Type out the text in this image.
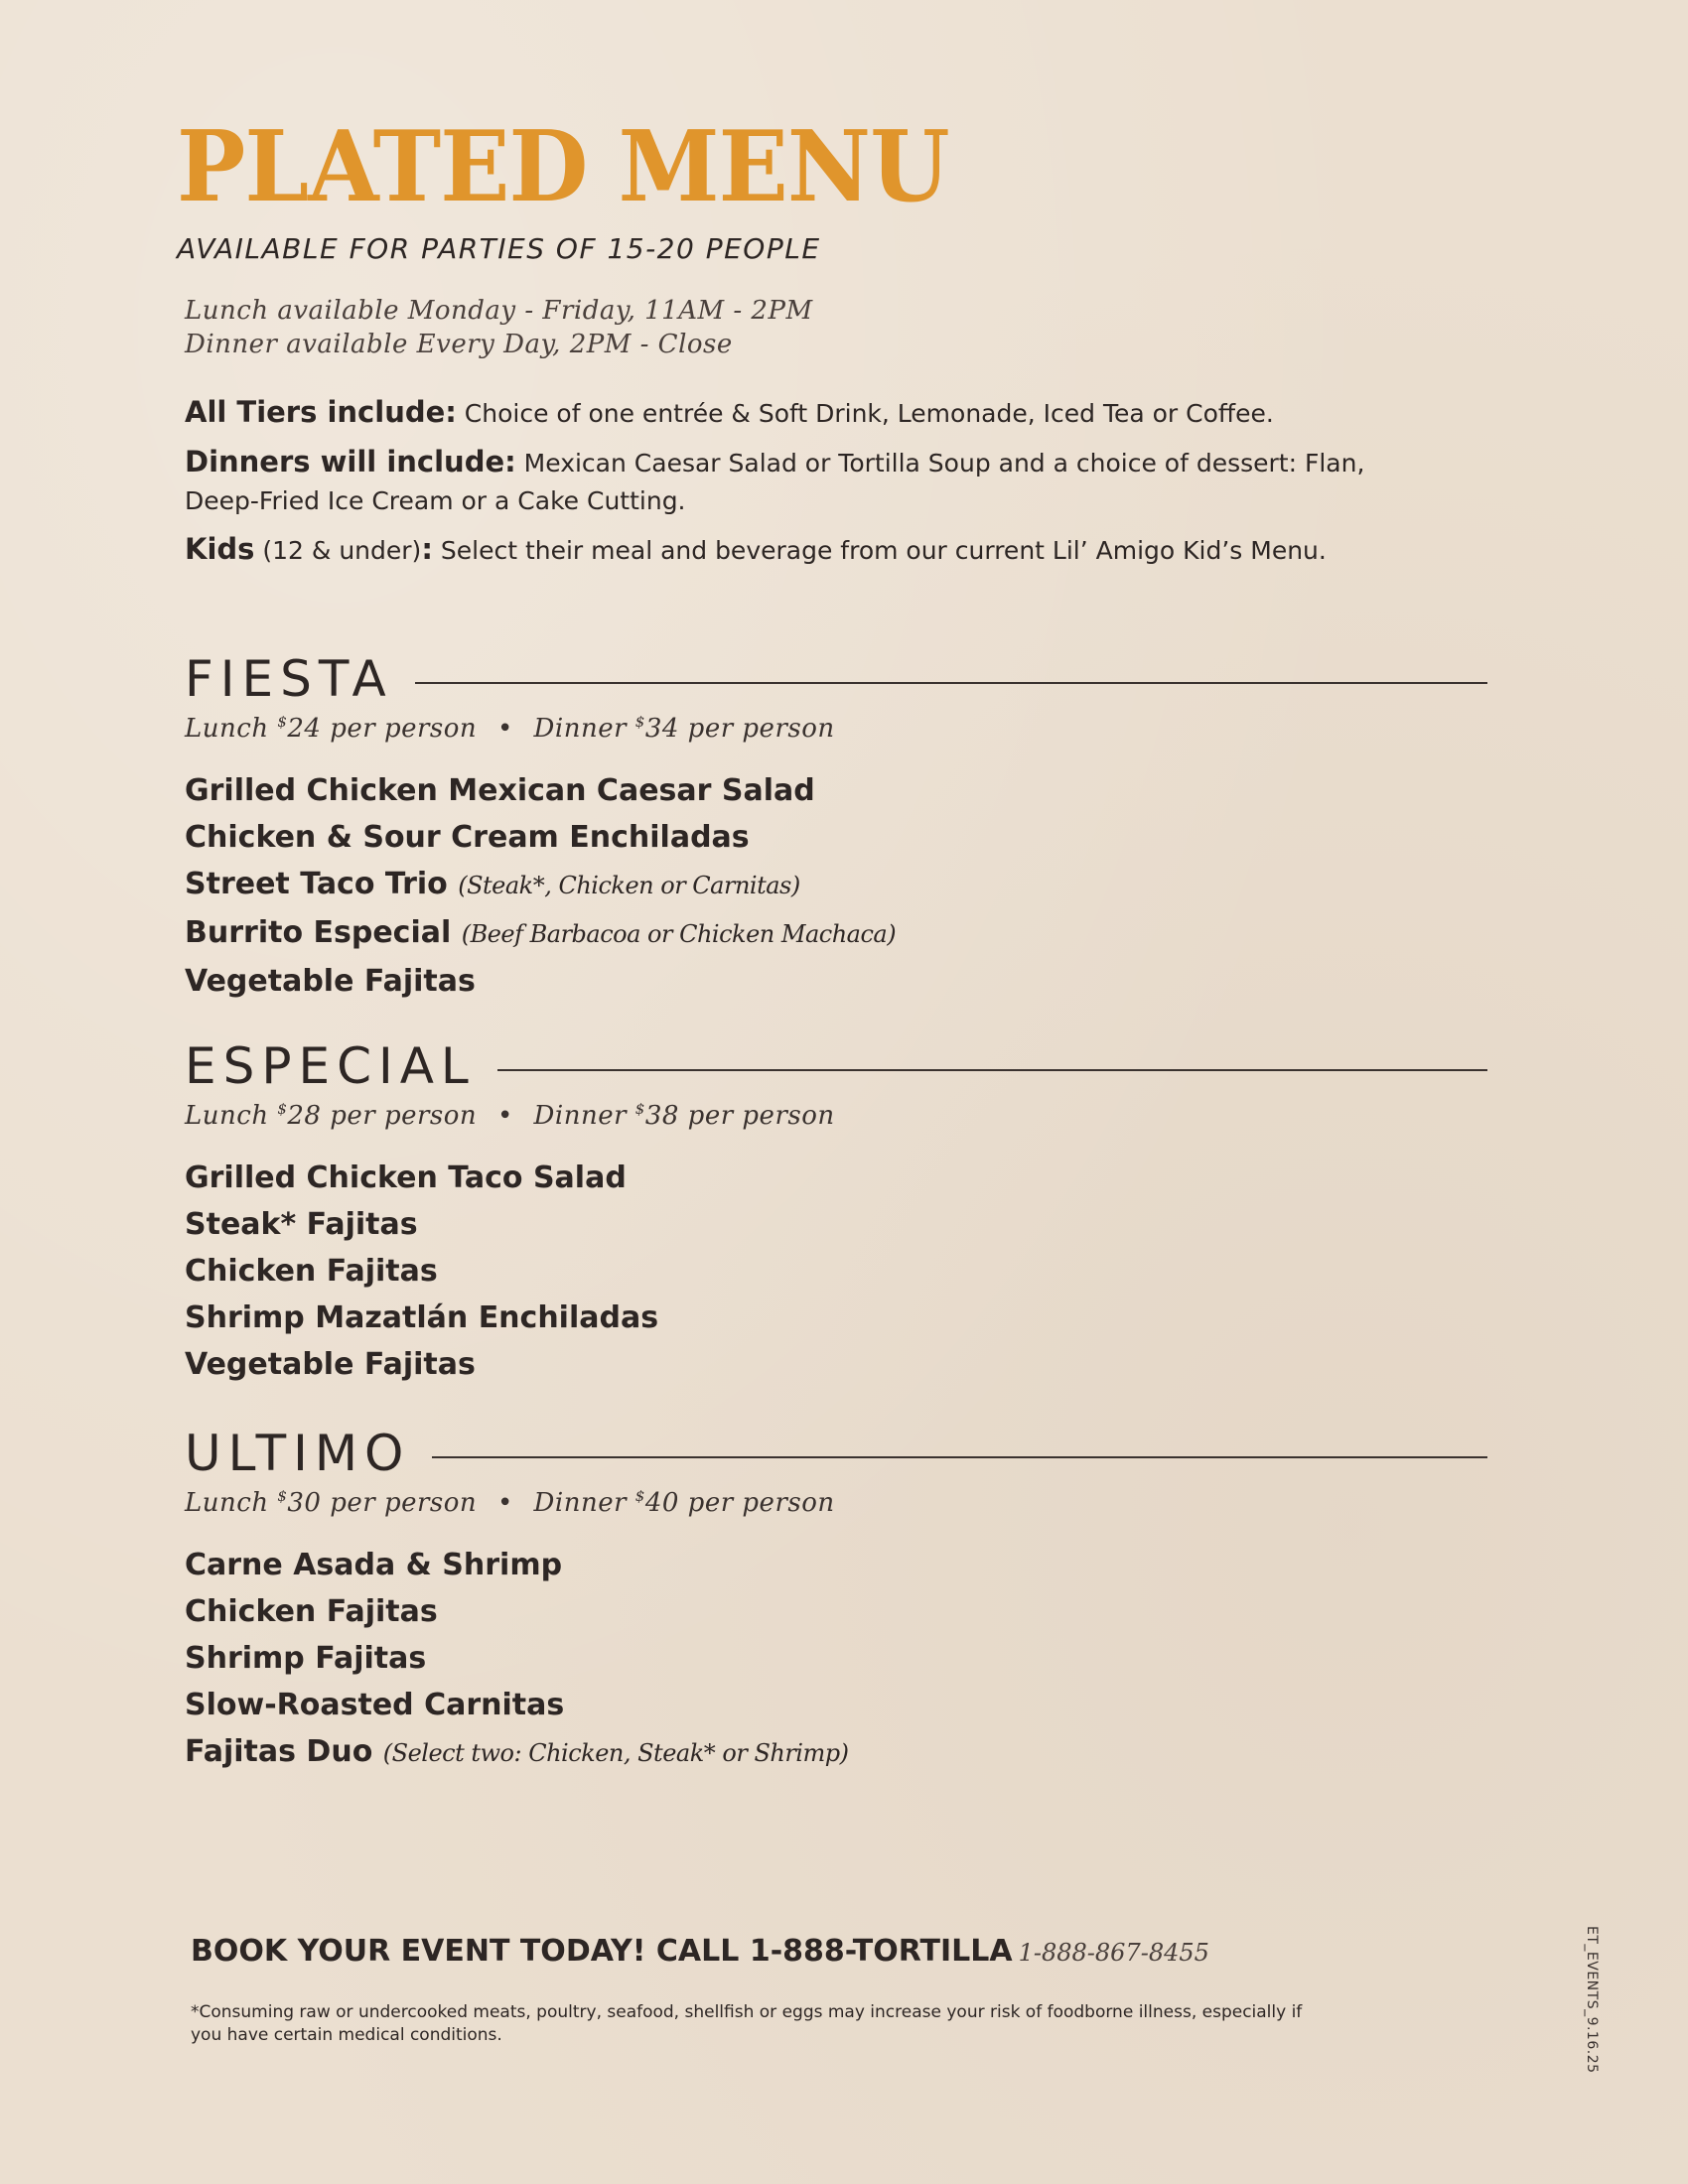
PLATED MENU
AVAILABLE FOR PARTIES OF 15-20 PEOPLE
Lunch available Monday - Friday, 11AM - 2PM
Dinner available Every Day, 2PM - Close

All Tiers include: Choice of one entrée & Soft Drink, Lemonade, Iced Tea or Coffee.

Dinners will include: Mexican Caesar Salad or Tortilla Soup and a choice of dessert: Flan, Deep-Fried Ice Cream or a Cake Cutting.

Kids (12 & under): Select their meal and beverage from our current Lil’ Amigo Kid’s Menu.

FIESTA
Lunch $24 per person • Dinner $34 per person
Grilled Chicken Mexican Caesar Salad
Chicken & Sour Cream Enchiladas
Street Taco Trio (Steak*, Chicken or Carnitas)
Burrito Especial (Beef Barbacoa or Chicken Machaca)
Vegetable Fajitas
ESPECIAL
Lunch $28 per person • Dinner $38 per person
Grilled Chicken Taco Salad
Steak* Fajitas
Chicken Fajitas
Shrimp Mazatlán Enchiladas
Vegetable Fajitas
ULTIMO
Lunch $30 per person • Dinner $40 per person
Carne Asada & Shrimp
Chicken Fajitas
Shrimp Fajitas
Slow-Roasted Carnitas
Fajitas Duo (Select two: Chicken, Steak* or Shrimp)
BOOK YOUR EVENT TODAY! CALL 1-888-TORTILLA 1-888-867-8455
*Consuming raw or undercooked meats, poultry, seafood, shellfish or eggs may increase your risk of foodborne illness, especially if you have certain medical conditions.	ET_EVENTS_9.16.25
